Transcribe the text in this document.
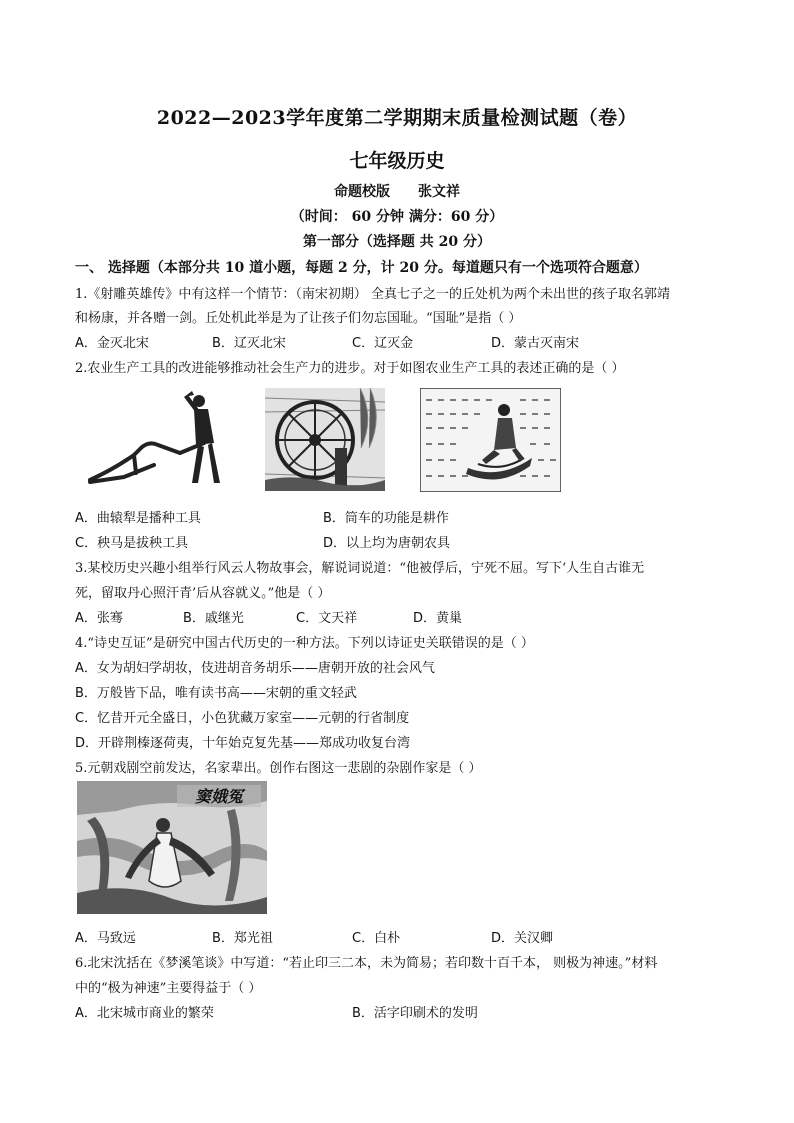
2022—2023学年度第二学期期末质量检测试题（卷）
七年级历史
命题校版 张文祥
（时间： 60 分钟 满分：60 分）
第一部分（选择题 共 20 分）
一、 选择题（本部分共 10 道小题，每题 2 分，计 20 分。每道题只有一个选项符合题意）
1.《射雕英雄传》中有这样一个情节：（南宋初期） 全真七子之一的丘处机为两个未出世的孩子取名郭靖
和杨康，并各赠一剑。丘处机此举是为了让孩子们勿忘国耻。“国耻”是指（ ）
A．金灭北宋	B．辽灭北宋	C．辽灭金	D．蒙古灭南宋
2.农业生产工具的改进能够推动社会生产力的进步。对于如图农业生产工具的表述正确的是（ ）
A．曲辕犁是播种工具	B．筒车的功能是耕作
C．秧马是拔秧工具	D．以上均为唐朝农具
3.某校历史兴趣小组举行风云人物故事会，解说词说道：“他被俘后，宁死不屈。写下‘人生自古谁无
死，留取丹心照汗青’后从容就义。”他是（ ）
A．张骞	B．戚继光	C．文天祥	D．黄巢
4.“诗史互证”是研究中国古代历史的一种方法。下列以诗证史关联错误的是（ ）
A．女为胡妇学胡妆，伎进胡音务胡乐——唐朝开放的社会风气
B．万般皆下品，唯有读书高——宋朝的重文轻武
C．忆昔开元全盛日，小色犹藏万家室——元朝的行省制度
D．开辟荆榛逐荷夷，十年始克复先基——郑成功收复台湾
5.元朝戏剧空前发达，名家辈出。创作右图这一悲剧的杂剧作家是（ ）
窦娥冤
A．马致远	B．郑光祖	C．白朴	D．关汉卿
6.北宋沈括在《梦溪笔谈》中写道：“若止印三二本，未为简易；若印数十百千本， 则极为神速。”材料
中的“极为神速”主要得益于（ ）
A．北宋城市商业的繁荣	B．活字印刷术的发明
